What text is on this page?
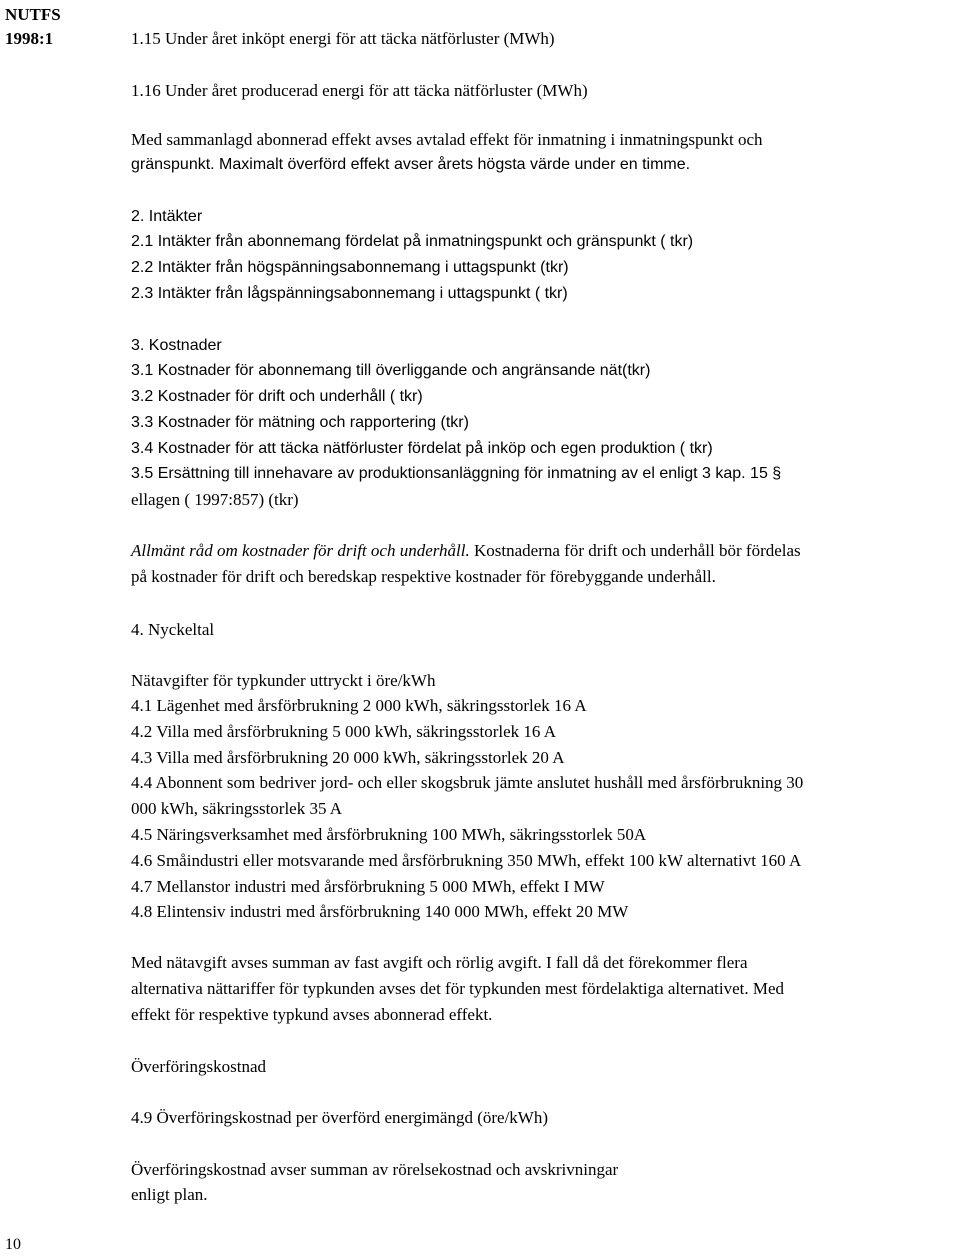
NUTFS
1998:1
10
1.15 Under året inköpt energi för att täcka nätförluster (MWh)
1.16 Under året producerad energi för att täcka nätförluster (MWh)
Med sammanlagd abonnerad effekt avses avtalad effekt för inmatning i inmatningspunkt och
gränspunkt. Maximalt överförd effekt avser årets högsta värde under en timme.
2. Intäkter
2.1 Intäkter från abonnemang fördelat på inmatningspunkt och gränspunkt ( tkr)
2.2 Intäkter från högspänningsabonnemang i uttagspunkt (tkr)
2.3 Intäkter från lågspänningsabonnemang i uttagspunkt ( tkr)
3. Kostnader
3.1 Kostnader för abonnemang till överliggande och angränsande nät(tkr)
3.2 Kostnader för drift och underhåll ( tkr)
3.3 Kostnader för mätning och rapportering (tkr)
3.4 Kostnader för att täcka nätförluster fördelat på inköp och egen produktion ( tkr)
3.5 Ersättning till innehavare av produktionsanläggning för inmatning av el enligt 3 kap. 15 §
ellagen ( 1997:857) (tkr)
Allmänt råd om kostnader för drift och underhåll. Kostnaderna för drift och underhåll bör fördelas
på kostnader för drift och beredskap respektive kostnader för förebyggande underhåll.
4. Nyckeltal
Nätavgifter för typkunder uttryckt i öre/kWh
4.1 Lägenhet med årsförbrukning 2 000 kWh, säkringsstorlek 16 A
4.2 Villa med årsförbrukning 5 000 kWh, säkringsstorlek 16 A
4.3 Villa med årsförbrukning 20 000 kWh, säkringsstorlek 20 A
4.4 Abonnent som bedriver jord- och eller skogsbruk jämte anslutet hushåll med årsförbrukning 30
000 kWh, säkringsstorlek 35 A
4.5 Näringsverksamhet med årsförbrukning 100 MWh, säkringsstorlek 50A
4.6 Småindustri eller motsvarande med årsförbrukning 350 MWh, effekt 100 kW alternativt 160 A
4.7 Mellanstor industri med årsförbrukning 5 000 MWh, effekt I MW
4.8 Elintensiv industri med årsförbrukning 140 000 MWh, effekt 20 MW
Med nätavgift avses summan av fast avgift och rörlig avgift. I fall då det förekommer flera
alternativa nättariffer för typkunden avses det för typkunden mest fördelaktiga alternativet. Med
effekt för respektive typkund avses abonnerad effekt.
Överföringskostnad
4.9 Överföringskostnad per överförd energimängd (öre/kWh)
Överföringskostnad avser summan av rörelsekostnad och avskrivningar
enligt plan.
